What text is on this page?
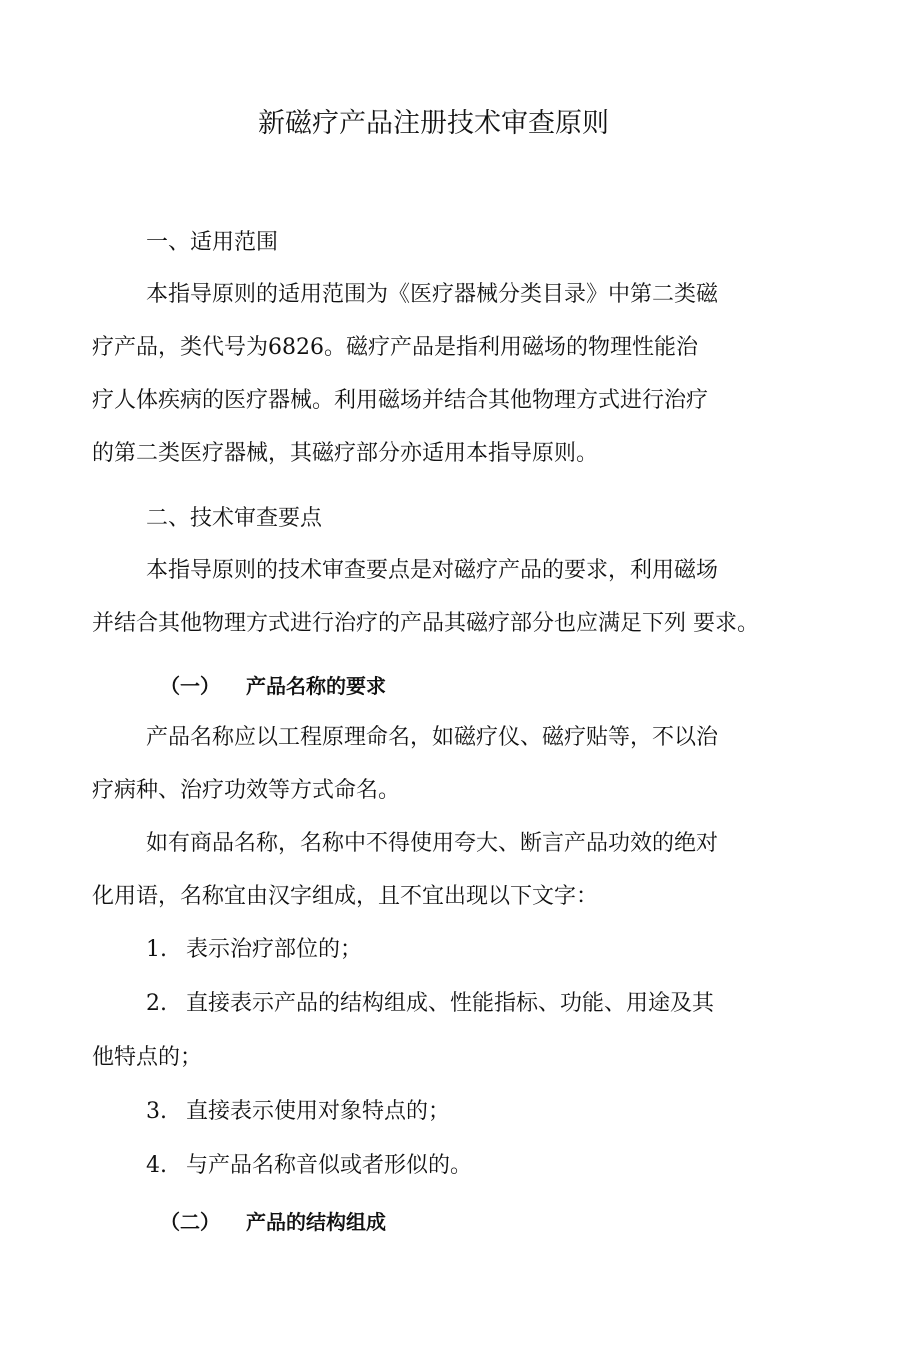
新磁疗产品注册技术审查原则
一、适用范围
本指导原则的适用范围为《医疗器械分类目录》中第二类磁
疗产品，类代号为6826。磁疗产品是指利用磁场的物理性能治
疗人体疾病的医疗器械。利用磁场并结合其他物理方式进行治疗
的第二类医疗器械，其磁疗部分亦适用本指导原则。
二、技术审查要点
本指导原则的技术审查要点是对磁疗产品的要求，利用磁场
并结合其他物理方式进行治疗的产品其磁疗部分也应满足下列 要求。
（一） 产品名称的要求
产品名称应以工程原理命名，如磁疗仪、磁疗贴等，不以治
疗病种、治疗功效等方式命名。
如有商品名称，名称中不得使用夸大、断言产品功效的绝对
化用语，名称宜由汉字组成，且不宜出现以下文字：
1. 表示治疗部位的；
2. 直接表示产品的结构组成、性能指标、功能、用途及其
他特点的；
3. 直接表示使用对象特点的；
4. 与产品名称音似或者形似的。
（二） 产品的结构组成
